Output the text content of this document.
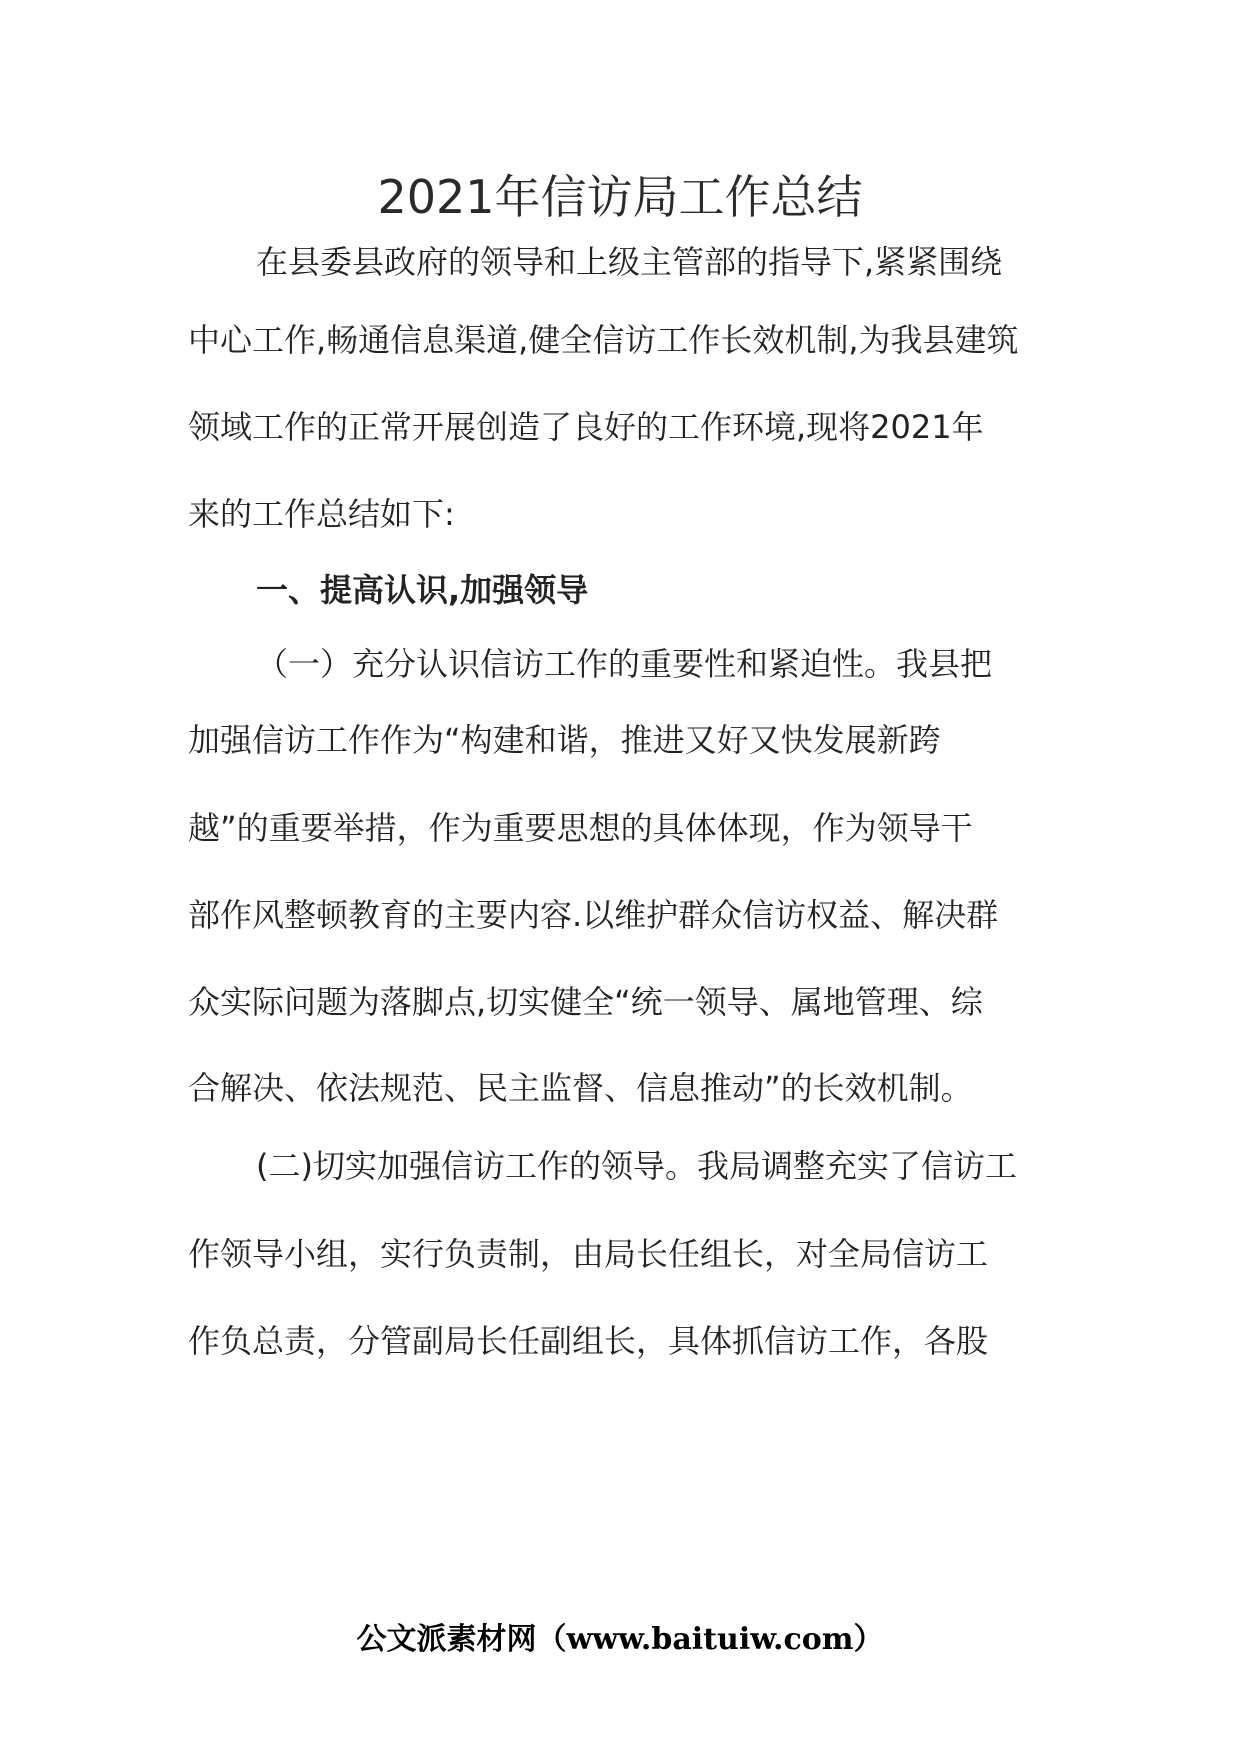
2021年信访局工作总结
在县委县政府的领导和上级主管部的指导下,紧紧围绕
中心工作,畅通信息渠道,健全信访工作长效机制,为我县建筑
领域工作的正常开展创造了良好的工作环境,现将2021年
来的工作总结如下:
一、提高认识,加强领导
（一）充分认识信访工作的重要性和紧迫性。我县把
加强信访工作作为“构建和谐，推进又好又快发展新跨
越”的重要举措，作为重要思想的具体体现，作为领导干
部作风整顿教育的主要内容.以维护群众信访权益、解决群
众实际问题为落脚点,切实健全“统一领导、属地管理、综
合解决、依法规范、民主监督、信息推动”的长效机制。
(二)切实加强信访工作的领导。我局调整充实了信访工
作领导小组，实行负责制，由局长任组长，对全局信访工
作负总责，分管副局长任副组长，具体抓信访工作，各股
公文派素材网（www.baituiw.com）
